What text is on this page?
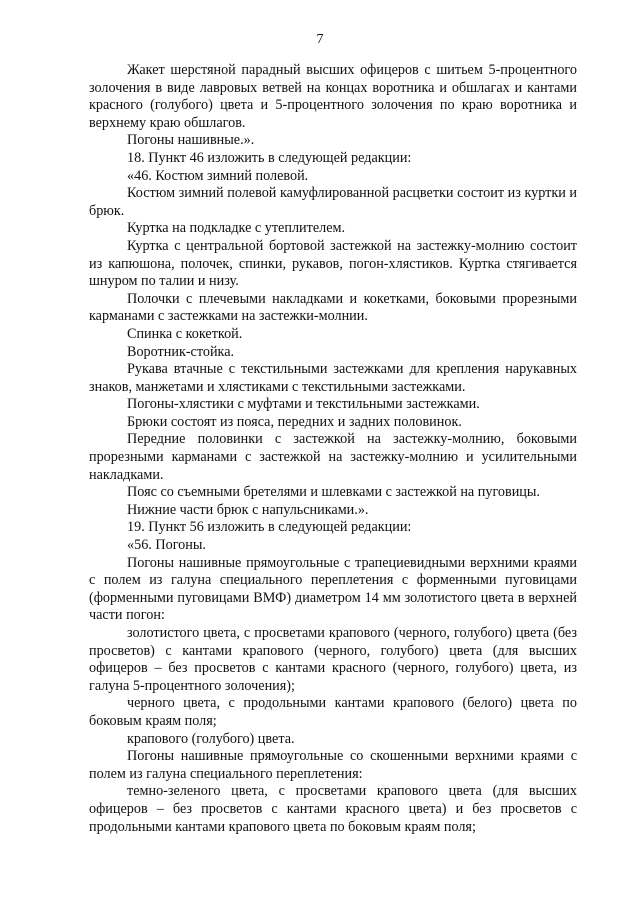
7

Жакет шерстяной парадный высших офицеров с шитьем 5-процентного золочения в виде лавровых ветвей на концах воротника и обшлагах и кантами красного (голубого) цвета и 5-процентного золочения по краю воротника и верхнему краю обшлагов.

Погоны нашивные.».

18. Пункт 46 изложить в следующей редакции:

«46. Костюм зимний полевой.

Костюм зимний полевой камуфлированной расцветки состоит из куртки и брюк.

Куртка на подкладке с утеплителем.

Куртка с центральной бортовой застежкой на застежку-молнию состоит из капюшона, полочек, спинки, рукавов, погон-хлястиков. Куртка стягивается шнуром по талии и низу.

Полочки с плечевыми накладками и кокетками, боковыми прорезными карманами с застежками на застежки-молнии.

Спинка с кокеткой.

Воротник-стойка.

Рукава втачные с текстильными застежками для крепления нарукавных знаков, манжетами и хлястиками с текстильными застежками.

Погоны-хлястики с муфтами и текстильными застежками.

Брюки состоят из пояса, передних и задних половинок.

Передние половинки с застежкой на застежку-молнию, боковыми прорезными карманами с застежкой на застежку-молнию и усилительными накладками.

Пояс со съемными бретелями и шлевками с застежкой на пуговицы.

Нижние части брюк с напульсниками.».

19. Пункт 56 изложить в следующей редакции:

«56. Погоны.

Погоны нашивные прямоугольные с трапециевидными верхними краями с полем из галуна специального переплетения с форменными пуговицами (форменными пуговицами ВМФ) диаметром 14 мм золотистого цвета в верхней части погон:

золотистого цвета, с просветами крапового (черного, голубого) цвета (без просветов) с кантами крапового (черного, голубого) цвета (для высших офицеров – без просветов с кантами красного (черного, голубого) цвета, из галуна 5-процентного золочения);

черного цвета, с продольными кантами крапового (белого) цвета по боковым краям поля;

крапового (голубого) цвета.

Погоны нашивные прямоугольные со скошенными верхними краями с полем из галуна специального переплетения:

темно-зеленого цвета, с просветами крапового цвета (для высших офицеров – без просветов с кантами красного цвета) и без просветов с продольными кантами крапового цвета по боковым краям поля;
